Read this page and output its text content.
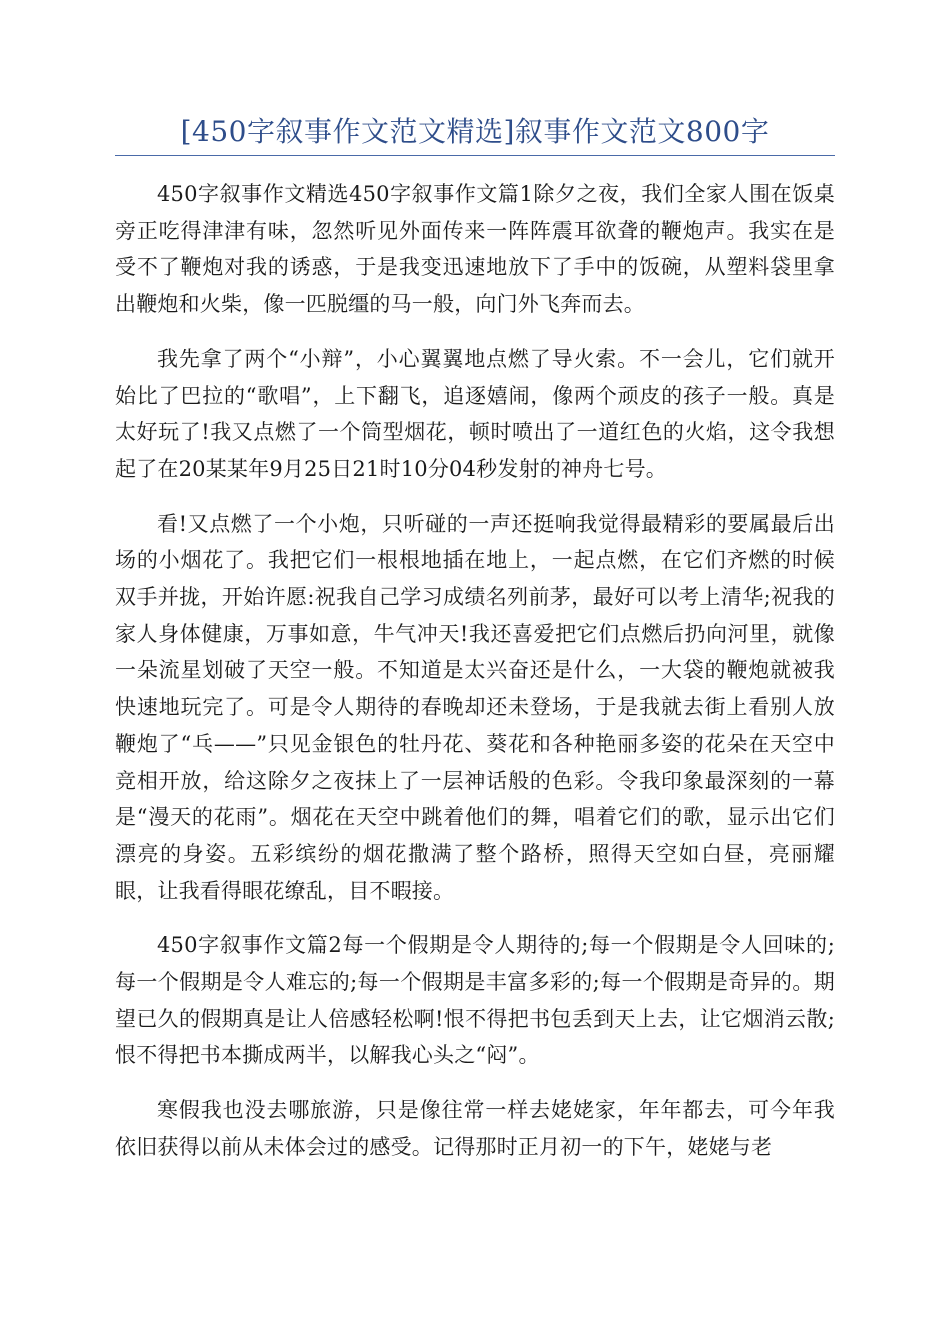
[450字叙事作文范文精选]叙事作文范文800字

450字叙事作文精选450字叙事作文篇1除夕之夜，我们全家人围在饭桌旁正吃得津津有味，忽然听见外面传来一阵阵震耳欲聋的鞭炮声。我实在是受不了鞭炮对我的诱惑，于是我变迅速地放下了手中的饭碗，从塑料袋里拿出鞭炮和火柴，像一匹脱缰的马一般，向门外飞奔而去。

我先拿了两个“小辩”，小心翼翼地点燃了导火索。不一会儿，它们就开始比了巴拉的“歌唱”，上下翻飞，追逐嬉闹，像两个顽皮的孩子一般。真是太好玩了!我又点燃了一个筒型烟花，顿时喷出了一道红色的火焰，这令我想起了在20某某年9月25日21时10分04秒发射的神舟七号。

看!又点燃了一个小炮，只听碰的一声还挺响我觉得最精彩的要属最后出场的小烟花了。我把它们一根根地插在地上，一起点燃，在它们齐燃的时候双手并拢，开始许愿:祝我自己学习成绩名列前茅，最好可以考上清华;祝我的家人身体健康，万事如意，牛气冲天!我还喜爱把它们点燃后扔向河里，就像一朵流星划破了天空一般。不知道是太兴奋还是什么，一大袋的鞭炮就被我快速地玩完了。可是令人期待的春晚却还未登场，于是我就去街上看别人放鞭炮了“乓——”只见金银色的牡丹花、葵花和各种艳丽多姿的花朵在天空中竞相开放，给这除夕之夜抹上了一层神话般的色彩。令我印象最深刻的一幕是“漫天的花雨”。烟花在天空中跳着他们的舞，唱着它们的歌，显示出它们漂亮的身姿。五彩缤纷的烟花撒满了整个路桥，照得天空如白昼，亮丽耀眼，让我看得眼花缭乱，目不暇接。

450字叙事作文篇2每一个假期是令人期待的;每一个假期是令人回味的;每一个假期是令人难忘的;每一个假期是丰富多彩的;每一个假期是奇异的。期望已久的假期真是让人倍感轻松啊!恨不得把书包丢到天上去，让它烟消云散;恨不得把书本撕成两半，以解我心头之“闷”。

寒假我也没去哪旅游，只是像往常一样去姥姥家，年年都去，可今年我依旧获得以前从未体会过的感受。记得那时正月初一的下午，姥姥与老
